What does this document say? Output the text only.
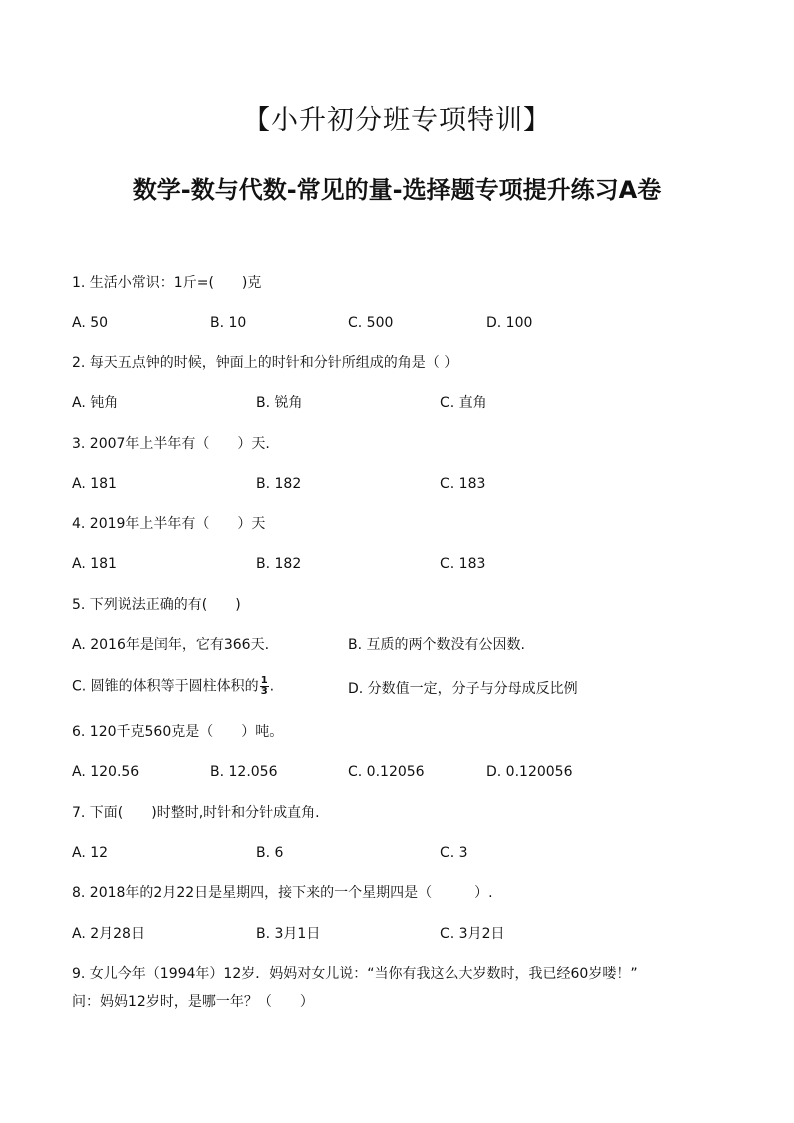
【小升初分班专项特训】
数学-数与代数-常见的量-选择题专项提升练习A卷
1. 生活小常识：1斤=(　　)克
A. 50	B. 10	C. 500	D. 100
2. 每天五点钟的时候，钟面上的时针和分针所组成的角是（ ）
A. 钝角	B. 锐角	C. 直角
3. 2007年上半年有（　　）天.
A. 181	B. 182	C. 183
4. 2019年上半年有（　　）天
A. 181	B. 182	C. 183
5. 下列说法正确的有(　　)
A. 2016年是闰年，它有366天.	B. 互质的两个数没有公因数.
C. 圆锥的体积等于圆柱体积的 $\frac{1}{3}$ .	D. 分数值一定，分子与分母成反比例
6. 120千克560克是（　　）吨。
A. 120.56	B. 12.056	C. 0.12056	D. 0.120056
7. 下面(　　)时整时,时针和分针成直角.
A. 12	B. 6	C. 3
8. 2018年的2月22日是星期四，接下来的一个星期四是（　　　）.
A. 2月28日	B. 3月1日	C. 3月2日
9. 女儿今年（1994年）12岁．妈妈对女儿说：“当你有我这么大岁数时，我已经60岁喽！”
问：妈妈12岁时，是哪一年？（　　）
